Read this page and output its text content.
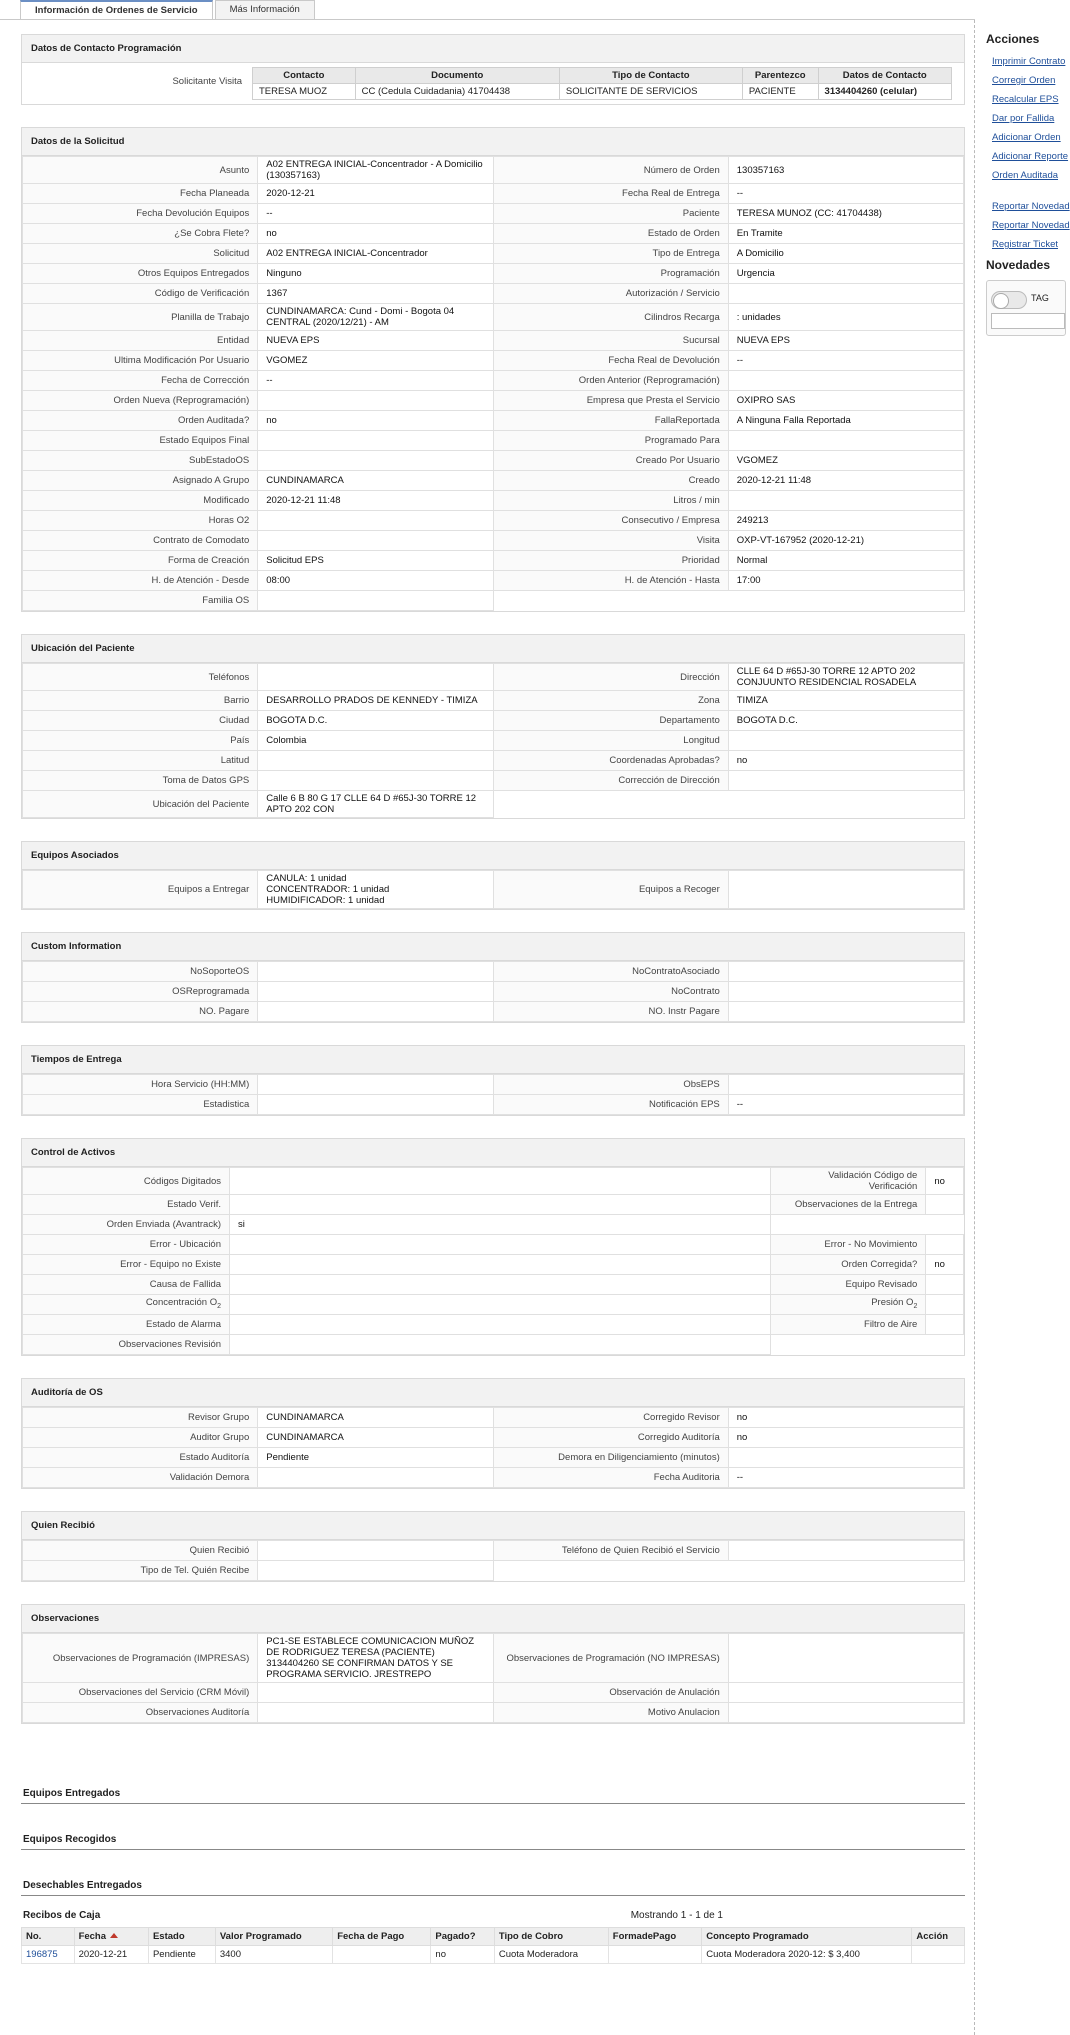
Información de Ordenes de Servicio	Más Información
Datos de Contacto Programación
Solicitante Visita
Contacto	Documento	Tipo de Contacto	Parentezco	Datos de Contacto
TERESA MUOZ	CC (Cedula Cuidadania) 41704438	SOLICITANTE DE SERVICIOS	PACIENTE	3134404260 (celular)
Datos de la Solicitud
Asunto	A02 ENTREGA INICIAL-Concentrador - A Domicilio (130357163)	Número de Orden	130357163
Fecha Planeada	2020-12-21	Fecha Real de Entrega	--
Fecha Devolución Equipos	--	Paciente	TERESA MUNOZ (CC: 41704438)
¿Se Cobra Flete?	no	Estado de Orden	En Tramite
Solicitud	A02 ENTREGA INICIAL-Concentrador	Tipo de Entrega	A Domicilio
Otros Equipos Entregados	Ninguno	Programación	Urgencia
Código de Verificación	1367	Autorización / Servicio	
Planilla de Trabajo	CUNDINAMARCA: Cund - Domi - Bogota 04 CENTRAL (2020/12/21) - AM	Cilindros Recarga	: unidades
Entidad	NUEVA EPS	Sucursal	NUEVA EPS
Ultima Modificación Por Usuario	VGOMEZ	Fecha Real de Devolución	--
Fecha de Corrección	--	Orden Anterior (Reprogramación)	
Orden Nueva (Reprogramación)		Empresa que Presta el Servicio	OXIPRO SAS
Orden Auditada?	no	FallaReportada	A Ninguna Falla Reportada
Estado Equipos Final		Programado Para	
SubEstadoOS		Creado Por Usuario	VGOMEZ
Asignado A Grupo	CUNDINAMARCA	Creado	2020-12-21 11:48
Modificado	2020-12-21 11:48	Litros / min	
Horas O2		Consecutivo / Empresa	249213
Contrato de Comodato		Visita	OXP-VT-167952 (2020-12-21)
Forma de Creación	Solicitud EPS	Prioridad	Normal
H. de Atención - Desde	08:00	H. de Atención - Hasta	17:00
Familia OS			
Ubicación del Paciente
Teléfonos		Dirección	CLLE 64 D #65J-30 TORRE 12 APTO 202 CONJUUNTO RESIDENCIAL ROSADELA
Barrio	DESARROLLO PRADOS DE KENNEDY - TIMIZA	Zona	TIMIZA
Ciudad	BOGOTA D.C.	Departamento	BOGOTA D.C.
País	Colombia	Longitud	
Latitud		Coordenadas Aprobadas?	no
Toma de Datos GPS		Corrección de Dirección	
Ubicación del Paciente	Calle 6 B 80 G 17 CLLE 64 D #65J-30 TORRE 12 APTO 202 CON		
Equipos Asociados
Equipos a Entregar	
CANULA: 1 unidad
CONCENTRADOR: 1 unidad
HUMIDIFICADOR: 1 unidad
	Equipos a Recoger	
Custom Information
NoSoporteOS		NoContratoAsociado	
OSReprogramada		NoContrato	
NO. Pagare		NO. Instr Pagare	
Tiempos de Entrega
Hora Servicio (HH:MM)		ObsEPS	
Estadistica		Notificación EPS	--
Control de Activos
Códigos Digitados		Validación Código de Verificación	no
Estado Verif.		Observaciones de la Entrega	
Orden Enviada (Avantrack)	si		
Error - Ubicación		Error - No Movimiento	
Error - Equipo no Existe		Orden Corregida?	no
Causa de Fallida		Equipo Revisado	
Concentración $O_2$		Presión $O_2$	
Estado de Alarma		Filtro de Aire	
Observaciones Revisión			
Auditoría de OS
Revisor Grupo	CUNDINAMARCA	Corregido Revisor	no
Auditor Grupo	CUNDINAMARCA	Corregido Auditoría	no
Estado Auditoría	Pendiente	Demora en Diligenciamiento (minutos)	
Validación Demora		Fecha Auditoria	--
Quien Recibió
Quien Recibió		Teléfono de Quien Recibió el Servicio	
Tipo de Tel. Quién Recibe			
Observaciones
Observaciones de Programación (IMPRESAS)	PC1-SE ESTABLECE COMUNICACION MUÑOZ DE RODRIGUEZ TERESA (PACIENTE) 3134404260 SE CONFIRMAN DATOS Y SE PROGRAMA SERVICIO. JRESTREPO	Observaciones de Programación (NO IMPRESAS)	
Observaciones del Servicio (CRM Móvil)		Observación de Anulación	
Observaciones Auditoría		Motivo Anulacion	
Equipos Entregados
Equipos Recogidos
Desechables Entregados
Recibos de Caja	Mostrando 1 - 1 de 1
No.	Fecha	Estado	Valor Programado	Fecha de Pago	Pagado?	Tipo de Cobro	FormadePago	Concepto Programado	Acción
196875	2020-12-21	Pendiente	3400		no	Cuota Moderadora		Cuota Moderadora 2020-12: $ 3,400	
Acciones
Imprimir Contrato
Corregir Orden
Recalcular EPS
Dar por Fallida
Adicionar Orden
Adicionar Reporte
Orden Auditada
Reportar Novedad
Reportar Novedad
Registrar Ticket
Novedades
TAG
